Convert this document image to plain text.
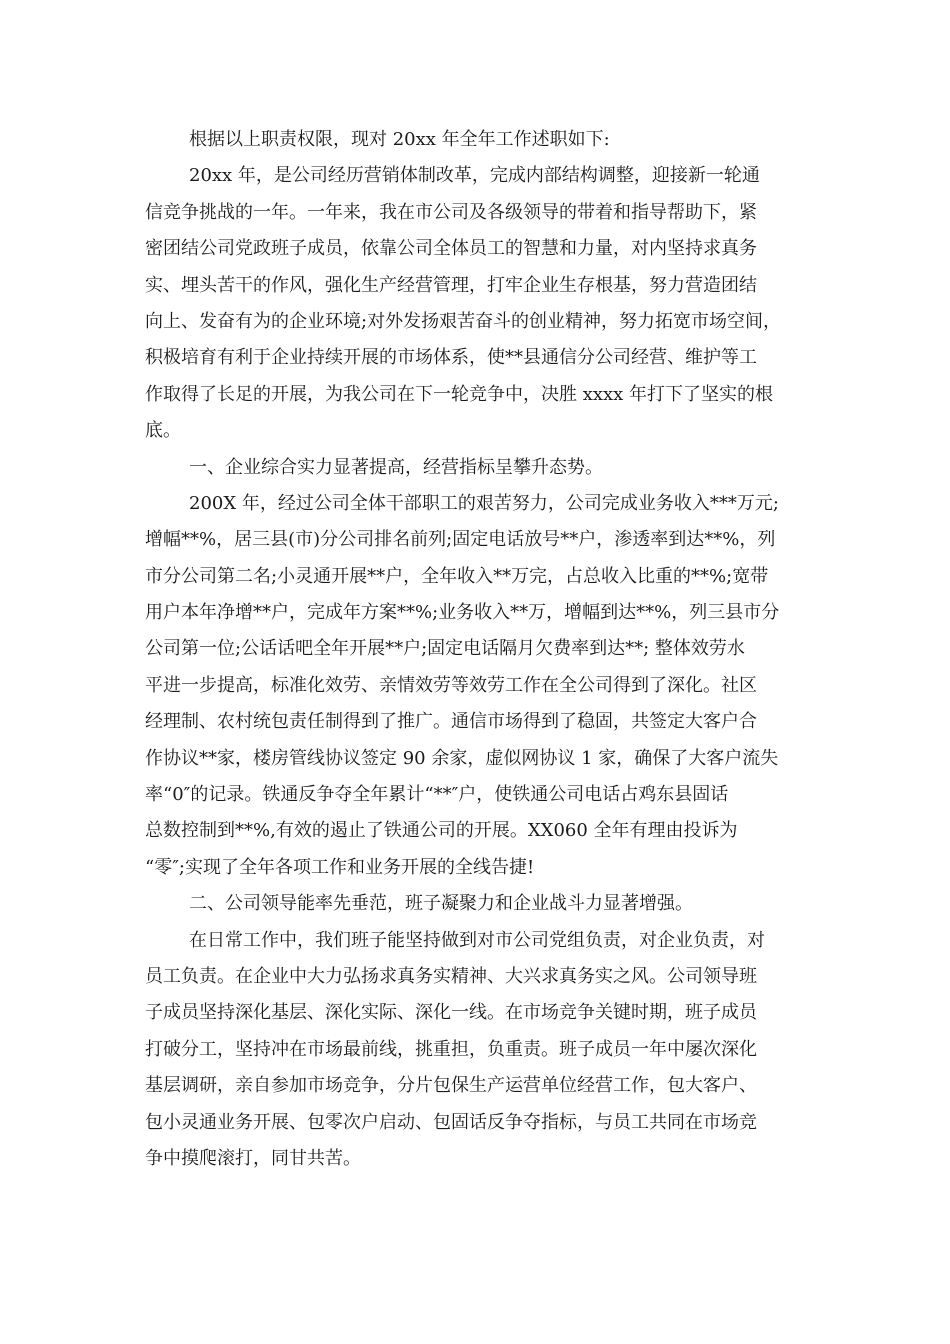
根据以上职责权限，现对 20xx 年全年工作述职如下:
20xx 年，是公司经历营销体制改革，完成内部结构调整，迎接新一轮通
信竞争挑战的一年。一年来，我在市公司及各级领导的带着和指导帮助下，紧
密团结公司党政班子成员，依靠公司全体员工的智慧和力量，对内坚持求真务
实、埋头苦干的作风，强化生产经营管理，打牢企业生存根基，努力营造团结
向上、发奋有为的企业环境;对外发扬艰苦奋斗的创业精神，努力拓宽市场空间，
积极培育有利于企业持续开展的市场体系，使**县通信分公司经营、维护等工
作取得了长足的开展，为我公司在下一轮竞争中，决胜 xxxx 年打下了坚实的根
底。
一、企业综合实力显著提高，经营指标呈攀升态势。
200X 年，经过公司全体干部职工的艰苦努力，公司完成业务收入***万元;
增幅**%，居三县(市)分公司排名前列;固定电话放号**户，渗透率到达**%，列
市分公司第二名;小灵通开展**户，全年收入**万完，占总收入比重的**%;宽带
用户本年净增**户，完成年方案**%;业务收入**万，增幅到达**%，列三县市分
公司第一位;公话话吧全年开展**户;固定电话隔月欠费率到达**; 整体效劳水
平进一步提高，标准化效劳、亲情效劳等效劳工作在全公司得到了深化。社区
经理制、农村统包责任制得到了推广。通信市场得到了稳固，共签定大客户合
作协议**家，楼房管线协议签定 90 余家，虚似网协议 1 家，确保了大客户流失
率“0″的记录。铁通反争夺全年累计“**″户，使铁通公司电话占鸡东县固话
总数控制到**%,有效的遏止了铁通公司的开展。XX060 全年有理由投诉为
“零″;实现了全年各项工作和业务开展的全线告捷!
二、公司领导能率先垂范，班子凝聚力和企业战斗力显著增强。
在日常工作中，我们班子能坚持做到对市公司党组负责，对企业负责，对
员工负责。在企业中大力弘扬求真务实精神、大兴求真务实之风。公司领导班
子成员坚持深化基层、深化实际、深化一线。在市场竞争关键时期，班子成员
打破分工，坚持冲在市场最前线，挑重担，负重责。班子成员一年中屡次深化
基层调研，亲自参加市场竞争，分片包保生产运营单位经营工作，包大客户、
包小灵通业务开展、包零次户启动、包固话反争夺指标，与员工共同在市场竞
争中摸爬滚打，同甘共苦。
